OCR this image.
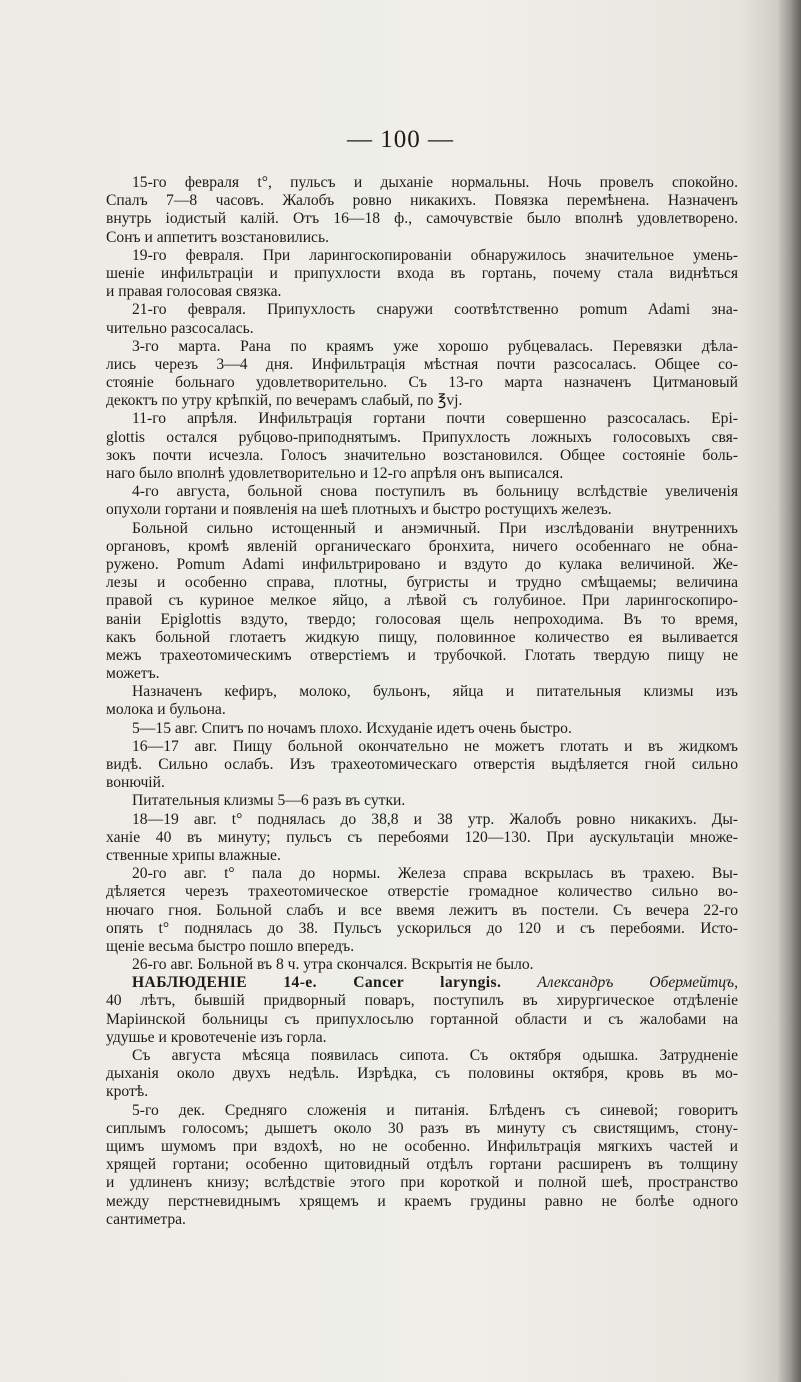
— 100 —
15-го февраля t°, пульсъ и дыханіе нормальны. Ночь провелъ спокойно.
Спалъ 7—8 часовъ. Жалобъ ровно никакихъ. Повязка перемѣнена. Назначенъ
внутрь іодистый калій. Отъ 16—18 ф., самочувствіе было вполнѣ удовлетворено.
Сонъ и аппетитъ возстановились.
19-го февраля. При ларингоскопированіи обнаружилось значительное умень-
шеніе инфильтраціи и припухлости входа въ гортань, почему стала виднѣться
и правая голосовая связка.
21-го февраля. Припухлость снаружи соотвѣтственно pomum Adami зна-
чительно разсосалась.
3-го марта. Рана по краямъ уже хорошо рубцевалась. Перевязки дѣла-
лись черезъ 3—4 дня. Инфильтрація мѣстная почти разсосалась. Общее со-
стояніе больнаго удовлетворительно. Съ 13-го марта назначенъ Цитмановый
декоктъ по утру крѣпкій, по вечерамъ слабый, по ℥vj.
11-го апрѣля. Инфильтрація гортани почти совершенно разсосалась. Epi-
glottis остался рубцово-приподнятымъ. Припухлость ложныхъ голосовыхъ свя-
зокъ почти исчезла. Голосъ значительно возстановился. Общее состояніе боль-
наго было вполнѣ удовлетворительно и 12-го апрѣля онъ выписался.
4-го августа, больной снова поступилъ въ больницу вслѣдствіе увеличенія
опухоли гортани и появленія на шеѣ плотныхъ и быстро ростущихъ железъ.
Больной сильно истощенный и анэмичный. При изслѣдованіи внутреннихъ
органовъ, кромѣ явленій органическаго бронхита, ничего особеннаго не обна-
ружено. Pomum Adami инфильтрировано и вздуто до кулака величиной. Же-
лезы и особенно справа, плотны, бугристы и трудно смѣщаемы; величина
правой съ куриное мелкое яйцо, а лѣвой съ голубиное. При ларингоскопиро-
ваніи Epiglottis вздуто, твердо; голосовая щель непроходима. Въ то время,
какъ больной глотаетъ жидкую пищу, половинное количество ея выливается
межъ трахеотомическимъ отверстіемъ и трубочкой. Глотать твердую пищу не
можетъ.
Назначенъ кефиръ, молоко, бульонъ, яйца и питательныя клизмы изъ
молока и бульона.
5—15 авг. Спитъ по ночамъ плохо. Исхуданіе идетъ очень быстро.
16—17 авг. Пищу больной окончательно не можетъ глотать и въ жидкомъ
видѣ. Сильно ослабъ. Изъ трахеотомическаго отверстія выдѣляется гной сильно
вонючій.
Питательныя клизмы 5—6 разъ въ сутки.
18—19 авг. t° поднялась до 38,8 и 38 утр. Жалобъ ровно никакихъ. Ды-
ханіе 40 въ минуту; пульсъ съ перебоями 120—130. При аускультаціи множе-
ственные хрипы влажные.
20-го авг. t° пала до нормы. Железа справа вскрылась въ трахею. Вы-
дѣляется черезъ трахеотомическое отверстіе громадное количество сильно во-
нючаго гноя. Больной слабъ и все ввемя лежитъ въ постели. Съ вечера 22-го
опять t° поднялась до 38. Пульсъ ускорилься до 120 и съ перебоями. Исто-
щеніе весьма быстро пошло впередъ.
26-го авг. Больной въ 8 ч. утра скончался. Вскрытія не было.
НАБЛЮДЕНІЕ 14-е. Cancer laryngis. Александръ Обермейтцъ,
40 лѣтъ, бывшій придворный поваръ, поступилъ въ хирургическое отдѣленіе
Маріинской больницы съ припухлосьлю гортанной области и съ жалобами на
удушье и кровотеченіе изъ горла.
Съ августа мѣсяца появилась сипота. Съ октября одышка. Затрудненіе
дыханія около двухъ недѣль. Изрѣдка, съ половины октября, кровь въ мо-
кротѣ.
5-го дек. Средняго сложенія и питанія. Блѣденъ съ синевой; говоритъ
сиплымъ голосомъ; дышетъ около 30 разъ въ минуту съ свистящимъ, стону-
щимъ шумомъ при вздохѣ, но не особенно. Инфильтрація мягкихъ частей и
хрящей гортани; особенно щитовидный отдѣлъ гортани расширенъ въ толщину
и удлиненъ книзу; вслѣдствіе этого при короткой и полной шеѣ, пространство
между перстневиднымъ хрящемъ и краемъ грудины равно не болѣе одного
сантиметра.
